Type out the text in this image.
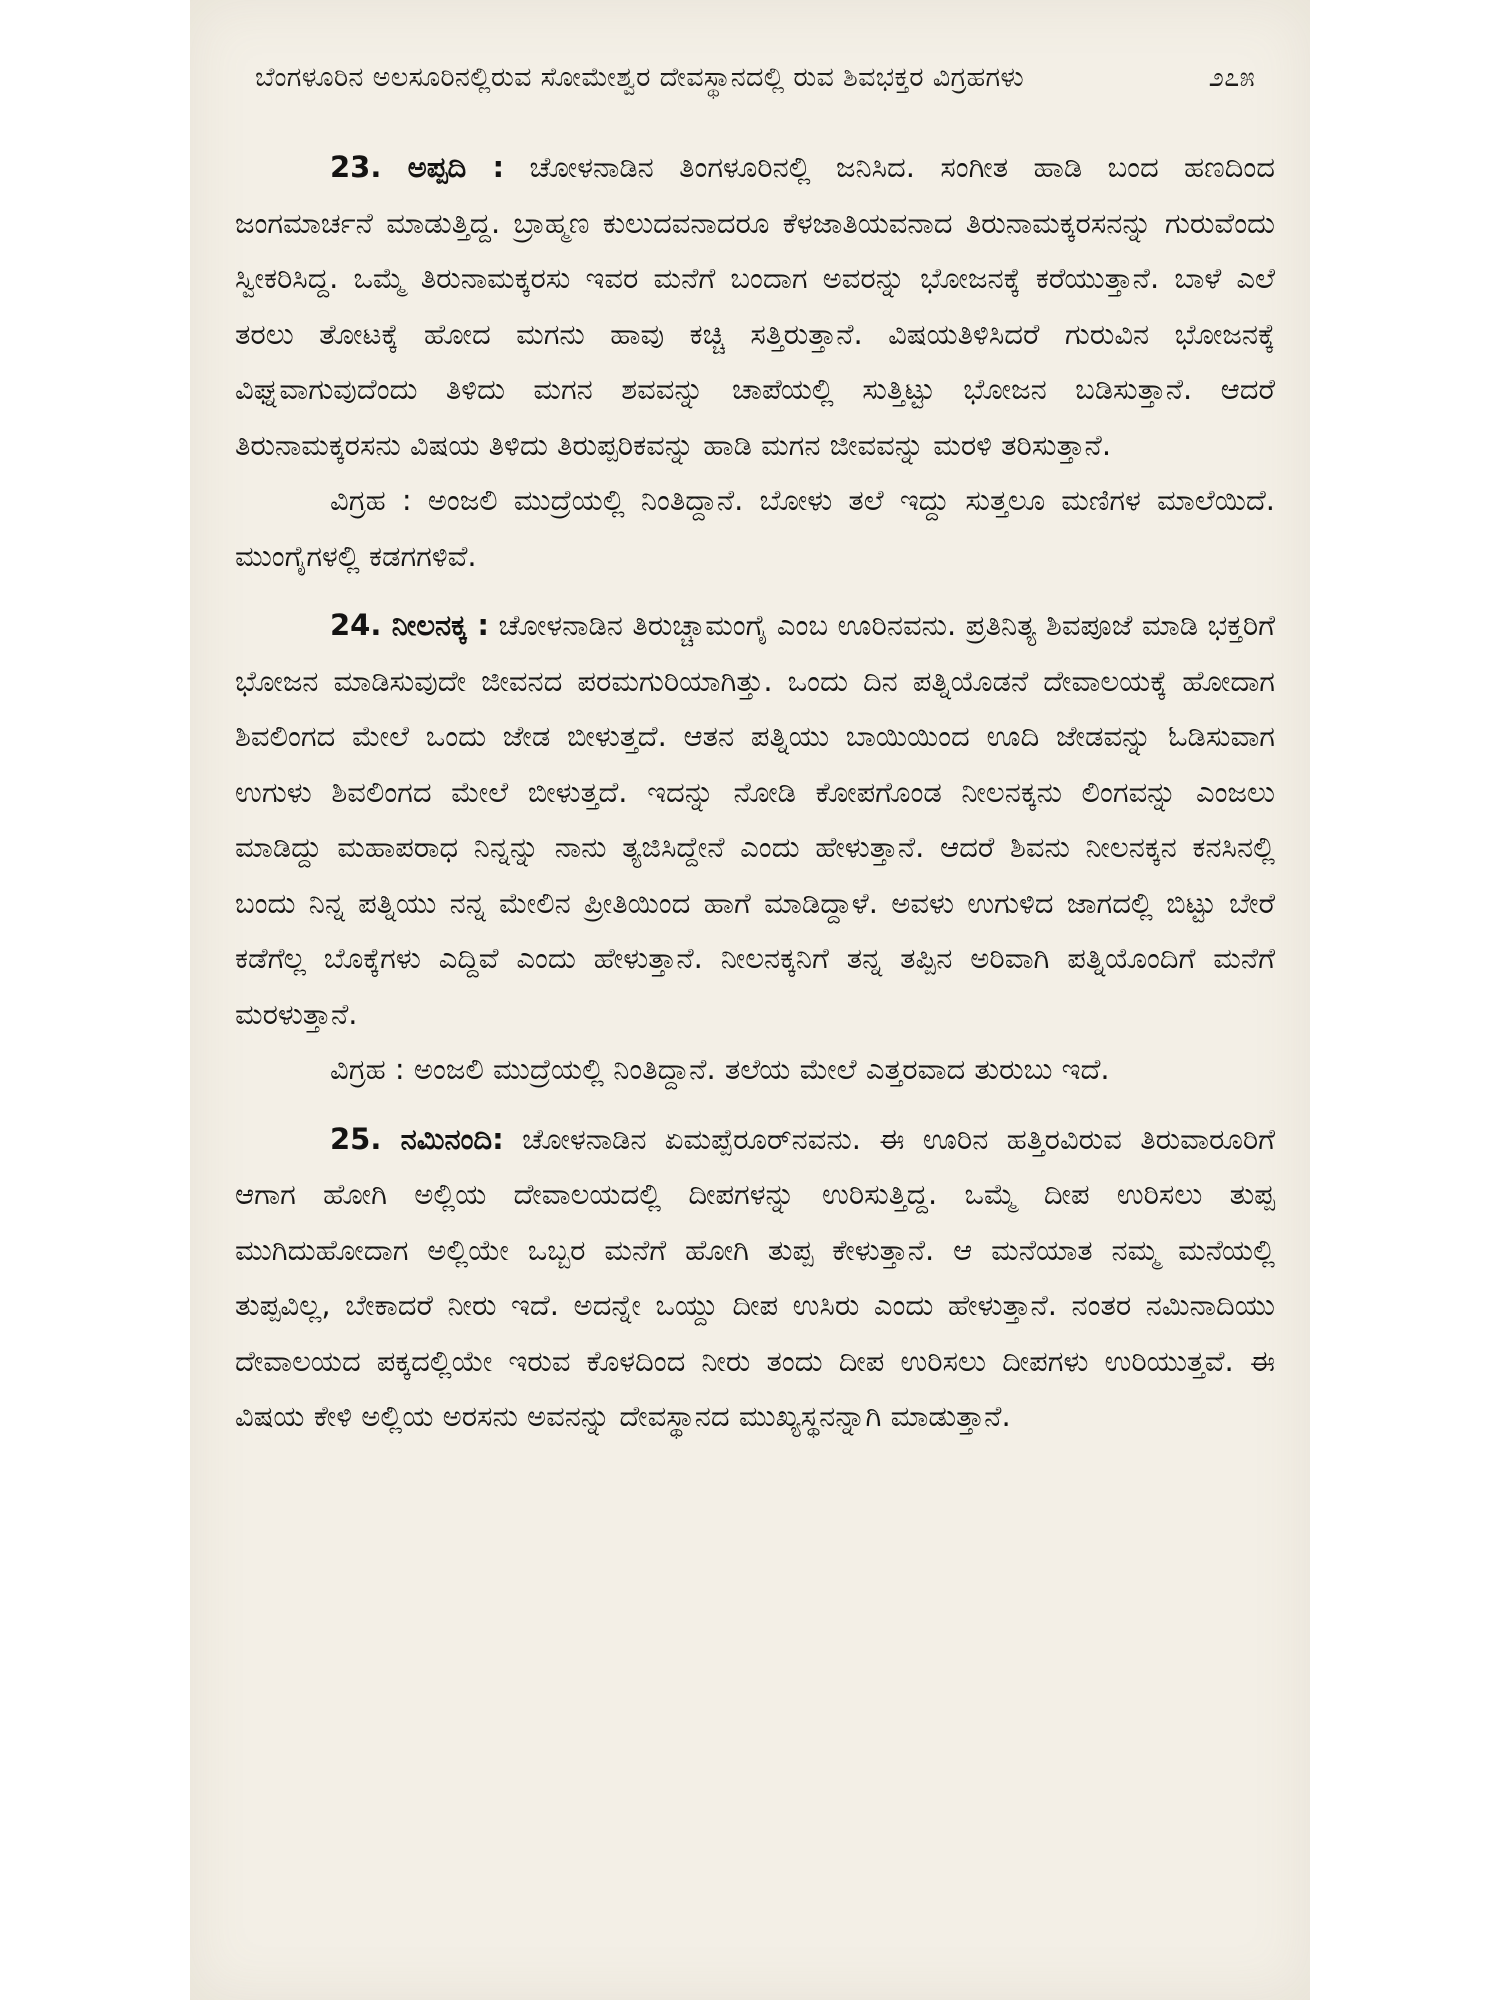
ಬೆಂಗಳೂರಿನ ಅಲಸೂರಿನಲ್ಲಿರುವ ಸೋಮೇಶ್ವರ ದೇವಸ್ಥಾನದಲ್ಲಿ ರುವ ಶಿವಭಕ್ತರ ವಿಗ್ರಹಗಳು	೨೭೫

23. ಅಪ್ಪದಿ : ಚೋಳನಾಡಿನ ತಿಂಗಳೂರಿನಲ್ಲಿ ಜನಿಸಿದ. ಸಂಗೀತ ಹಾಡಿ ಬಂದ ಹಣದಿಂದ ಜಂಗಮಾರ್ಚನೆ ಮಾಡುತ್ತಿದ್ದ. ಬ್ರಾಹ್ಮಣ ಕುಲುದವನಾದರೂ ಕೆಳಜಾತಿಯವನಾದ ತಿರುನಾಮಕ್ಕರಸನನ್ನು ಗುರುವೆಂದು ಸ್ವೀಕರಿಸಿದ್ದ. ಒಮ್ಮೆ ತಿರುನಾಮಕ್ಕರಸು ಇವರ ಮನೆಗೆ ಬಂದಾಗ ಅವರನ್ನು ಭೋಜನಕ್ಕೆ ಕರೆಯುತ್ತಾನೆ. ಬಾಳೆ ಎಲೆ ತರಲು ತೋಟಕ್ಕೆ ಹೋದ ಮಗನು ಹಾವು ಕಚ್ಚಿ ಸತ್ತಿರುತ್ತಾನೆ. ವಿಷಯತಿಳಿಸಿದರೆ ಗುರುವಿನ ಭೋಜನಕ್ಕೆ ವಿಘ್ನವಾಗುವುದೆಂದು ತಿಳಿದು ಮಗನ ಶವವನ್ನು ಚಾಪೆಯಲ್ಲಿ ಸುತ್ತಿಟ್ಟು ಭೋಜನ ಬಡಿಸುತ್ತಾನೆ. ಆದರೆ ತಿರುನಾಮಕ್ಕರಸನು ವಿಷಯ ತಿಳಿದು ತಿರುಪ್ಪರಿಕವನ್ನು ಹಾಡಿ ಮಗನ ಜೀವವನ್ನು ಮರಳಿ ತರಿಸುತ್ತಾನೆ.

ವಿಗ್ರಹ : ಅಂಜಲಿ ಮುದ್ರೆಯಲ್ಲಿ ನಿಂತಿದ್ದಾನೆ. ಬೋಳು ತಲೆ ಇದ್ದು ಸುತ್ತಲೂ ಮಣಿಗಳ ಮಾಲೆಯಿದೆ. ಮುಂಗೈಗಳಲ್ಲಿ ಕಡಗಗಳಿವೆ.

24. ನೀಲನಕ್ಕ : ಚೋಳನಾಡಿನ ತಿರುಚ್ಚಾಮಂಗೈ ಎಂಬ ಊರಿನವನು. ಪ್ರತಿನಿತ್ಯ ಶಿವಪೂಜೆ ಮಾಡಿ ಭಕ್ತರಿಗೆ ಭೋಜನ ಮಾಡಿಸುವುದೇ ಜೀವನದ ಪರಮಗುರಿಯಾಗಿತ್ತು. ಒಂದು ದಿನ ಪತ್ನಿಯೊಡನೆ ದೇವಾಲಯಕ್ಕೆ ಹೋದಾಗ ಶಿವಲಿಂಗದ ಮೇಲೆ ಒಂದು ಜೇಡ ಬೀಳುತ್ತದೆ. ಆತನ ಪತ್ನಿಯು ಬಾಯಿಯಿಂದ ಊದಿ ಜೇಡವನ್ನು ಓಡಿಸುವಾಗ ಉಗುಳು ಶಿವಲಿಂಗದ ಮೇಲೆ ಬೀಳುತ್ತದೆ. ಇದನ್ನು ನೋಡಿ ಕೋಪಗೊಂಡ ನೀಲನಕ್ಕನು ಲಿಂಗವನ್ನು ಎಂಜಲು ಮಾಡಿದ್ದು ಮಹಾಪರಾಧ ನಿನ್ನನ್ನು ನಾನು ತ್ಯಜಿಸಿದ್ದೇನೆ ಎಂದು ಹೇಳುತ್ತಾನೆ. ಆದರೆ ಶಿವನು ನೀಲನಕ್ಕನ ಕನಸಿನಲ್ಲಿ ಬಂದು ನಿನ್ನ ಪತ್ನಿಯು ನನ್ನ ಮೇಲಿನ ಪ್ರೀತಿಯಿಂದ ಹಾಗೆ ಮಾಡಿದ್ದಾಳೆ. ಅವಳು ಉಗುಳಿದ ಜಾಗದಲ್ಲಿ ಬಿಟ್ಟು ಬೇರೆ ಕಡೆಗೆಲ್ಲ ಬೊಕ್ಕೆಗಳು ಎದ್ದಿವೆ ಎಂದು ಹೇಳುತ್ತಾನೆ. ನೀಲನಕ್ಕನಿಗೆ ತನ್ನ ತಪ್ಪಿನ ಅರಿವಾಗಿ ಪತ್ನಿಯೊಂದಿಗೆ ಮನೆಗೆ ಮರಳುತ್ತಾನೆ.

ವಿಗ್ರಹ : ಅಂಜಲಿ ಮುದ್ರೆಯಲ್ಲಿ ನಿಂತಿದ್ದಾನೆ. ತಲೆಯ ಮೇಲೆ ಎತ್ತರವಾದ ತುರುಬು ಇದೆ.

25. ನಮಿನಂದಿ: ಚೋಳನಾಡಿನ ಏಮಪ್ಪೆರೂರ್‌ನವನು. ಈ ಊರಿನ ಹತ್ತಿರವಿರುವ ತಿರುವಾರೂರಿಗೆ ಆಗಾಗ ಹೋಗಿ ಅಲ್ಲಿಯ ದೇವಾಲಯದಲ್ಲಿ ದೀಪಗಳನ್ನು ಉರಿಸುತ್ತಿದ್ದ. ಒಮ್ಮೆ ದೀಪ ಉರಿಸಲು ತುಪ್ಪ ಮುಗಿದುಹೋದಾಗ ಅಲ್ಲಿಯೇ ಒಬ್ಬರ ಮನೆಗೆ ಹೋಗಿ ತುಪ್ಪ ಕೇಳುತ್ತಾನೆ. ಆ ಮನೆಯಾತ ನಮ್ಮ ಮನೆಯಲ್ಲಿ ತುಪ್ಪವಿಲ್ಲ, ಬೇಕಾದರೆ ನೀರು ಇದೆ. ಅದನ್ನೇ ಒಯ್ದು ದೀಪ ಉಸಿರು ಎಂದು ಹೇಳುತ್ತಾನೆ. ನಂತರ ನಮಿನಾದಿಯು ದೇವಾಲಯದ ಪಕ್ಕದಲ್ಲಿಯೇ ಇರುವ ಕೊಳದಿಂದ ನೀರು ತಂದು ದೀಪ ಉರಿಸಲು ದೀಪಗಳು ಉರಿಯುತ್ತವೆ. ಈ ವಿಷಯ ಕೇಳಿ ಅಲ್ಲಿಯ ಅರಸನು ಅವನನ್ನು ದೇವಸ್ಥಾನದ ಮುಖ್ಯಸ್ಥನನ್ನಾಗಿ ಮಾಡುತ್ತಾನೆ.
